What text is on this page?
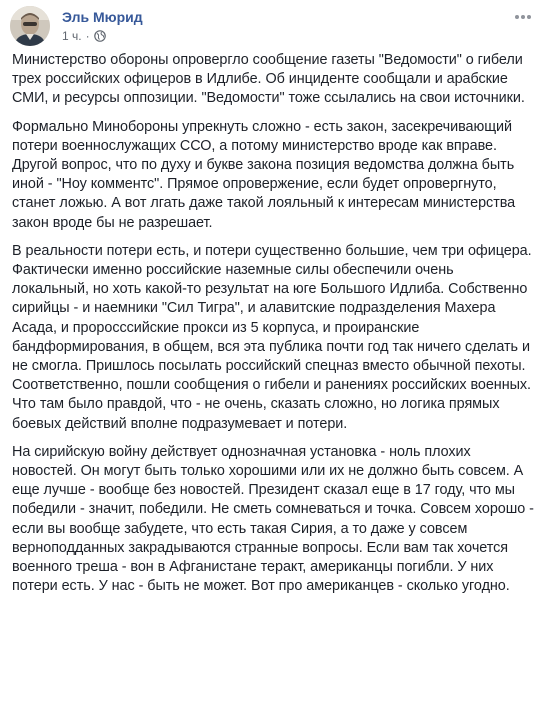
Эль Мюрид
1 ч. ·

Министерство обороны опровергло сообщение газеты "Ведомости" о гибели трех российских офицеров в Идлибе. Об инциденте сообщали и арабские СМИ, и ресурсы оппозиции. "Ведомости" тоже ссылались на свои источники.

Формально Минобороны упрекнуть сложно - есть закон, засекречивающий потери военнослужащих ССО, а потому министерство вроде как вправе. Другой вопрос, что по духу и букве закона позиция ведомства должна быть иной - "Ноу комментс". Прямое опровержение, если будет опровергнуто, станет ложью. А вот лгать даже такой лояльный к интересам министерства закон вроде бы не разрешает.

В реальности потери есть, и потери существенно большие, чем три офицера. Фактически именно российские наземные силы обеспечили очень локальный, но хоть какой-то результат на юге Большого Идлиба. Собственно сирийцы - и наемники "Сил Тигра", и алавитские подразделения Махера Асада, и проросссийские прокси из 5 корпуса, и проиранские бандформирования, в общем, вся эта публика почти год так ничего сделать и не смогла. Пришлось посылать российский спецназ вместо обычной пехоты. Соответственно, пошли сообщения о гибели и ранениях российских военных. Что там было правдой, что - не очень, сказать сложно, но логика прямых боевых действий вполне подразумевает и потери.

На сирийскую войну действует однозначная установка - ноль плохих новостей. Он могут быть только хорошими или их не должно быть совсем. А еще лучше - вообще без новостей. Президент сказал еще в 17 году, что мы победили - значит, победили. Не сметь сомневаться и точка. Совсем хорошо - если вы вообще забудете, что есть такая Сирия, а то даже у совсем верноподданных закрадываются странные вопросы. Если вам так хочется военного треша - вон в Афганистане теракт, американцы погибли. У них потери есть. У нас - быть не может. Вот про американцев - сколько угодно.
